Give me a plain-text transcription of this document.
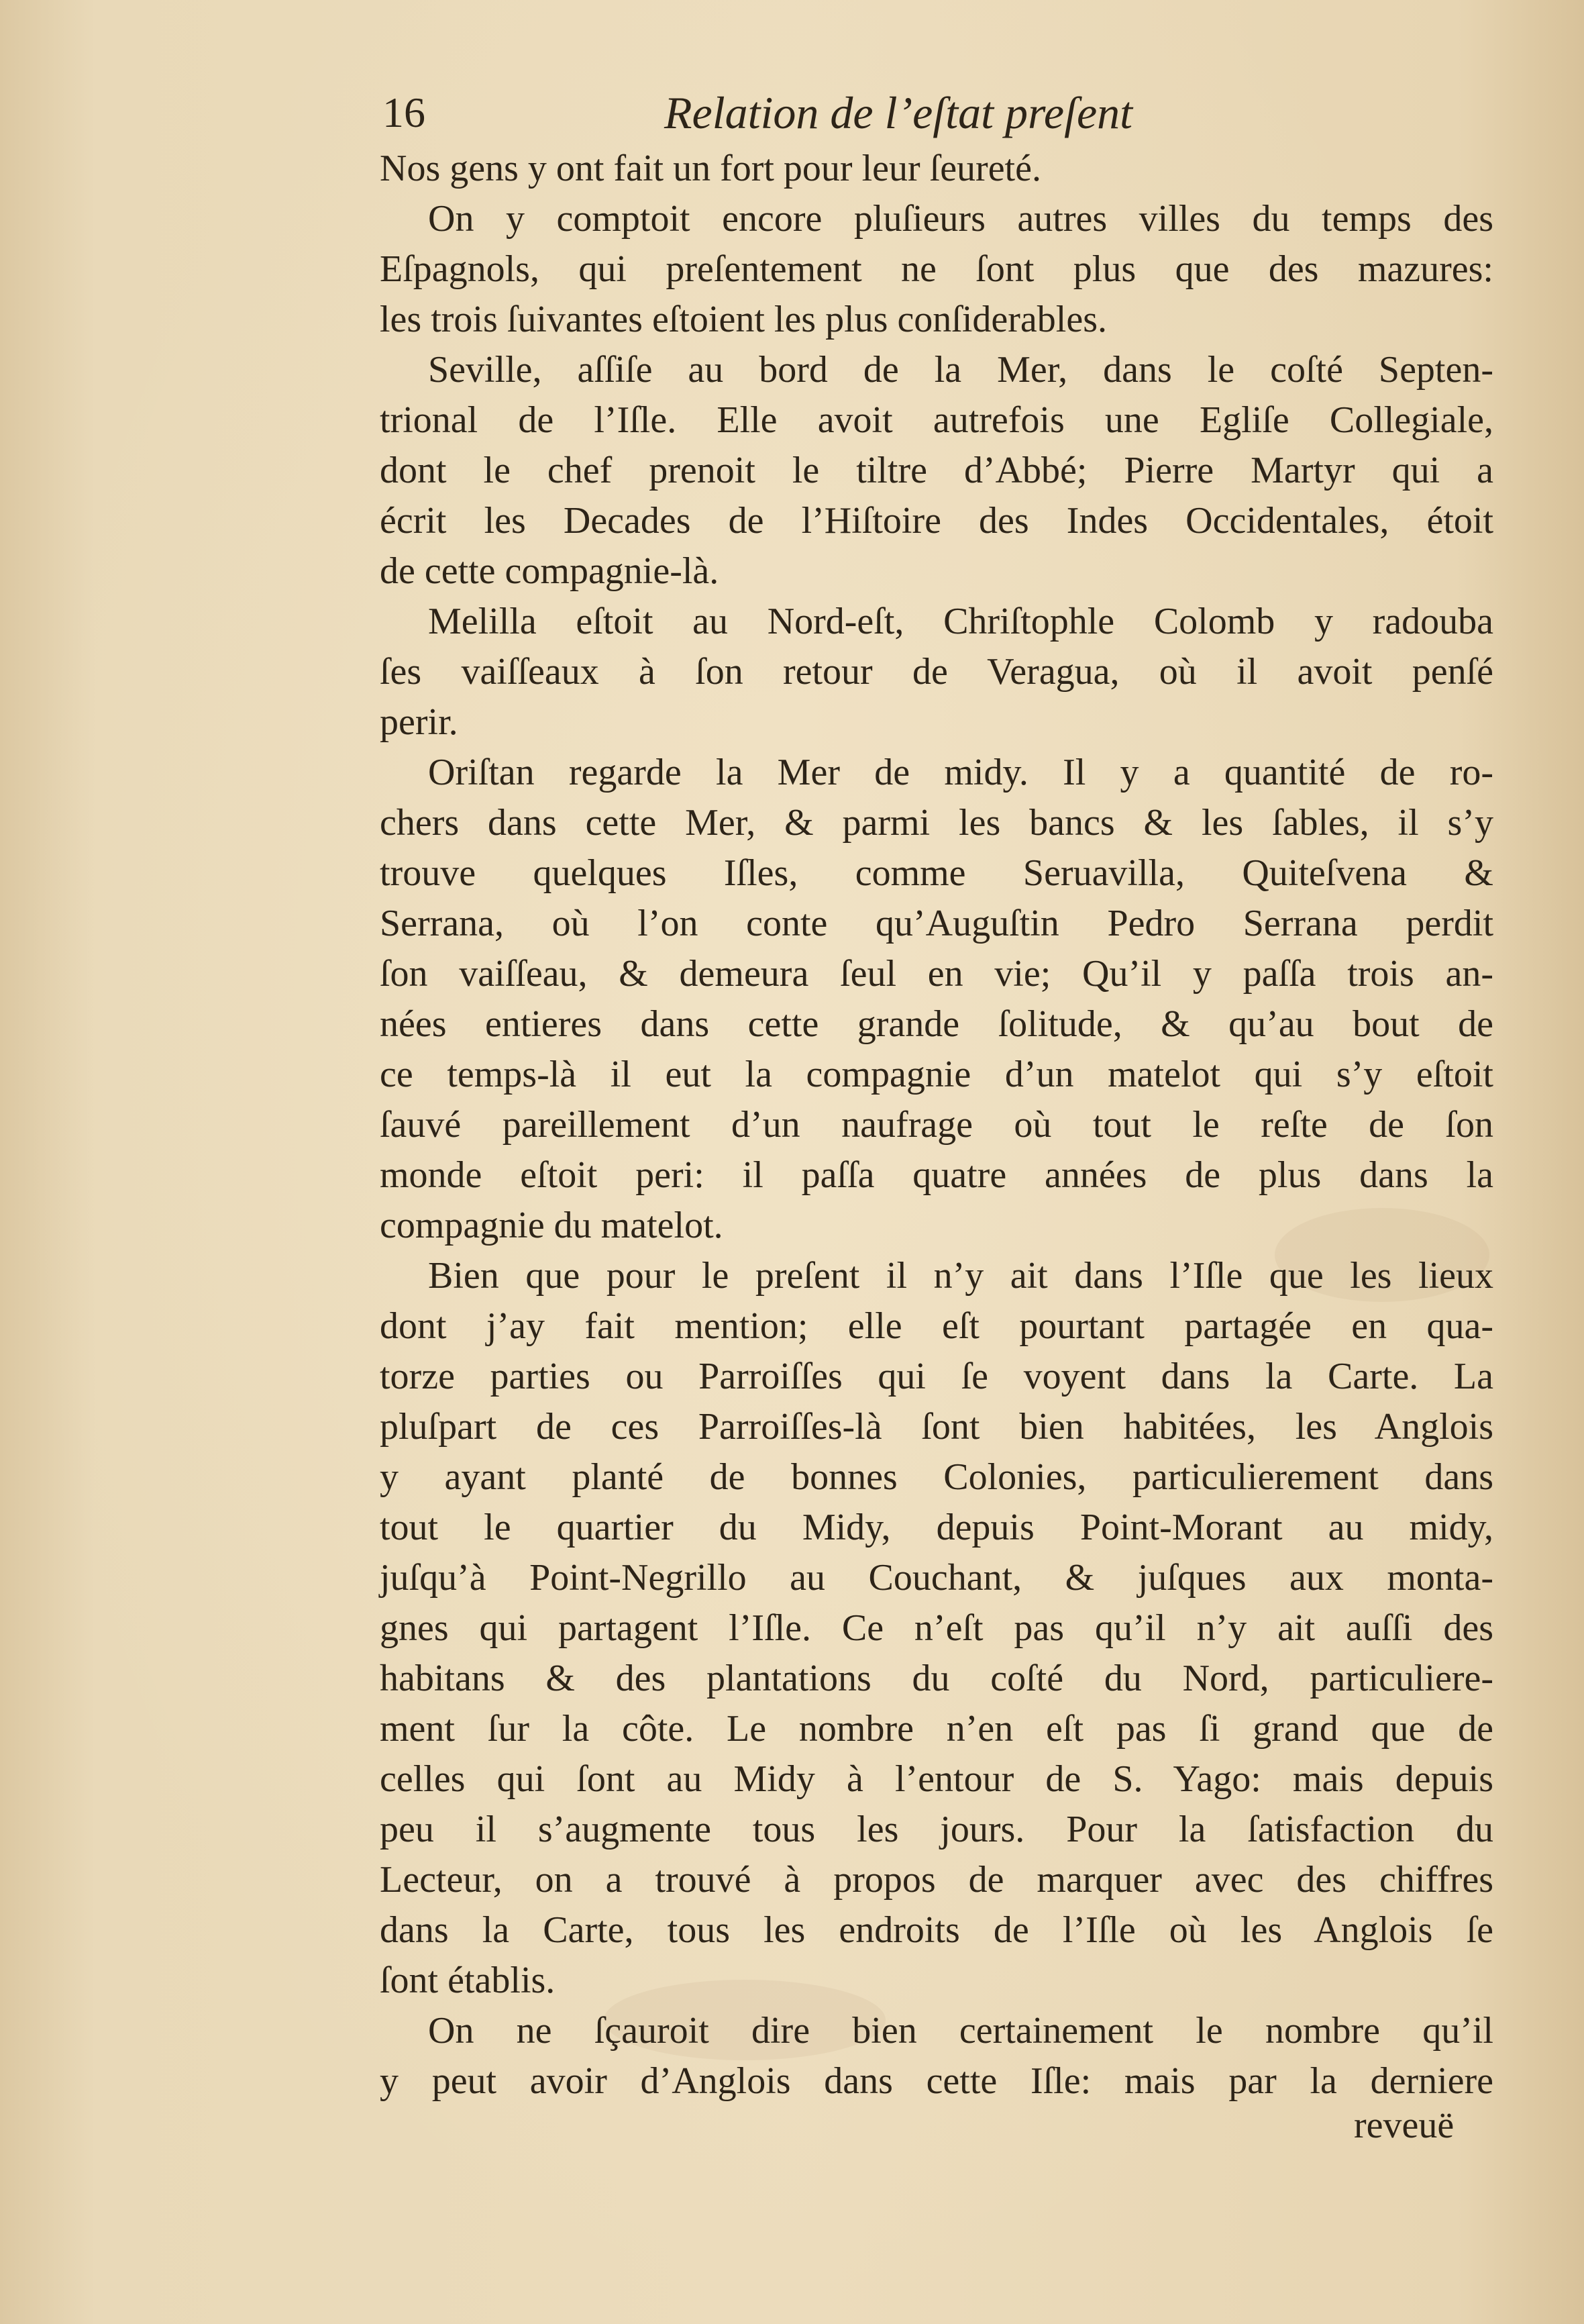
16	Relation de l’eſtat preſent
Nos gens y ont fait un fort pour leur ſeureté.
On y comptoit encore pluſieurs autres villes du temps des
Eſpagnols, qui preſentement ne ſont plus que des mazures:
les trois ſuivantes eſtoient les plus conſiderables.
Seville, aſſiſe au bord de la Mer, dans le coſté Septen-
trional de l’Iſle. Elle avoit autrefois une Egliſe Collegiale,
dont le chef prenoit le tiltre d’Abbé; Pierre Martyr qui a
écrit les Decades de l’Hiſtoire des Indes Occidentales, étoit
de cette compagnie-là.
Melilla eſtoit au Nord-eſt, Chriſtophle Colomb y radouba
ſes vaiſſeaux à ſon retour de Veragua, où il avoit penſé
perir.
Oriſtan regarde la Mer de midy. Il y a quantité de ro-
chers dans cette Mer, & parmi les bancs & les ſables, il s’y
trouve quelques Iſles, comme Seruavilla, Quiteſvena &
Serrana, où l’on conte qu’Auguſtin Pedro Serrana perdit
ſon vaiſſeau, & demeura ſeul en vie; Qu’il y paſſa trois an-
nées entieres dans cette grande ſolitude, & qu’au bout de
ce temps-là il eut la compagnie d’un matelot qui s’y eſtoit
ſauvé pareillement d’un naufrage où tout le reſte de ſon
monde eſtoit peri: il paſſa quatre années de plus dans la
compagnie du matelot.
Bien que pour le preſent il n’y ait dans l’Iſle que les lieux
dont j’ay fait mention; elle eſt pourtant partagée en qua-
torze parties ou Parroiſſes qui ſe voyent dans la Carte. La
pluſpart de ces Parroiſſes-là ſont bien habitées, les Anglois
y ayant planté de bonnes Colonies, particulierement dans
tout le quartier du Midy, depuis Point-Morant au midy,
juſqu’à Point-Negrillo au Couchant, & juſques aux monta-
gnes qui partagent l’Iſle. Ce n’eſt pas qu’il n’y ait auſſi des
habitans & des plantations du coſté du Nord, particuliere-
ment ſur la côte. Le nombre n’en eſt pas ſi grand que de
celles qui ſont au Midy à l’entour de S. Yago: mais depuis
peu il s’augmente tous les jours. Pour la ſatisfaction du
Lecteur, on a trouvé à propos de marquer avec des chiffres
dans la Carte, tous les endroits de l’Iſle où les Anglois ſe
ſont établis.
On ne ſçauroit dire bien certainement le nombre qu’il
y peut avoir d’Anglois dans cette Iſle: mais par la derniere
reveuë
